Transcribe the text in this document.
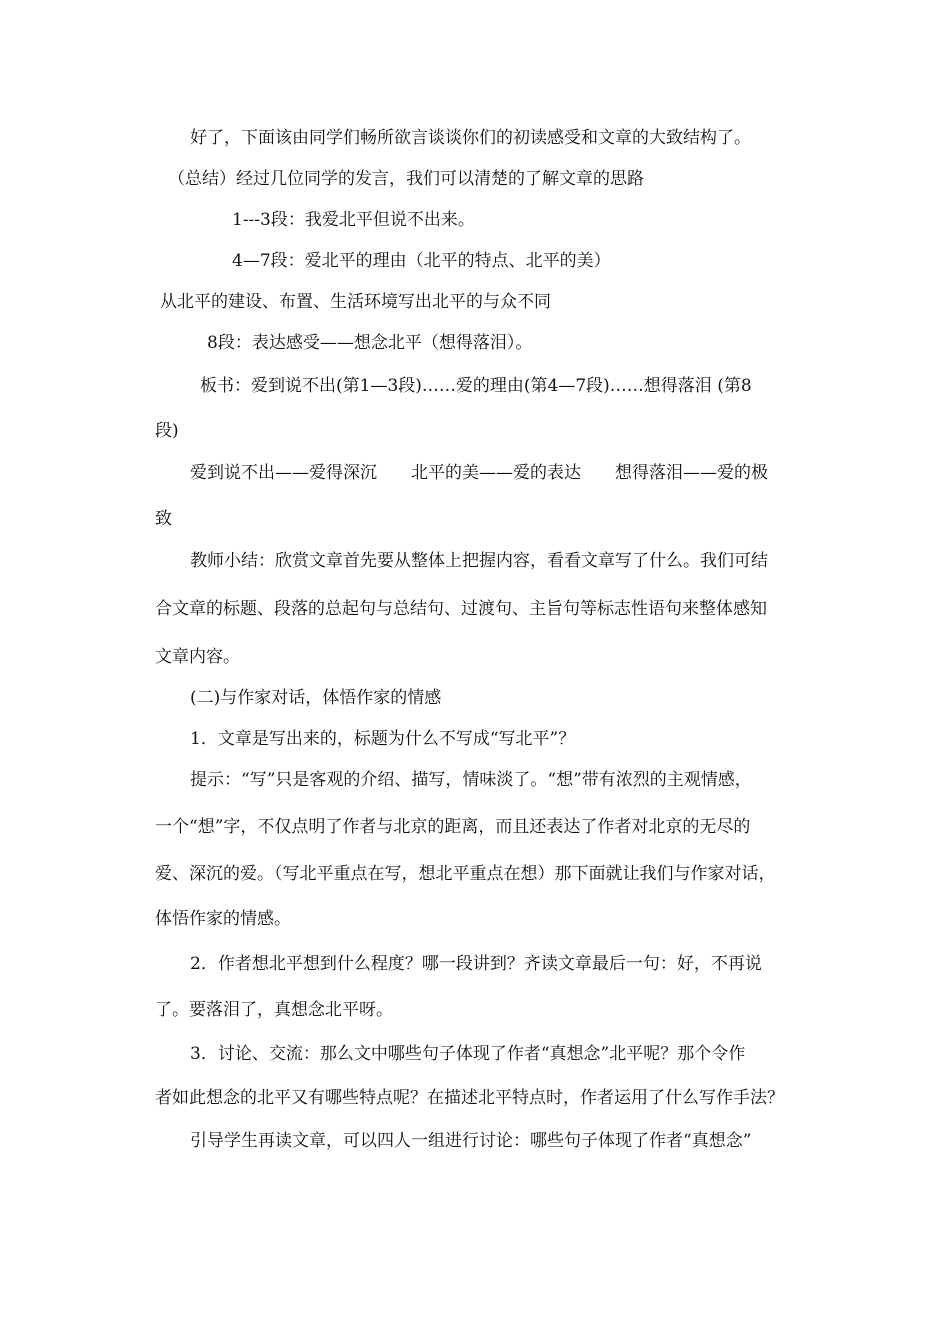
好了，下面该由同学们畅所欲言谈谈你们的初读感受和文章的大致结构了。
（总结）经过几位同学的发言，我们可以清楚的了解文章的思路
1---3段：我爱北平但说不出来。
4—7段：爱北平的理由（北平的特点、北平的美）
从北平的建设、布置、生活环境写出北平的与众不同
8段：表达感受——想念北平（想得落泪）。
板书：爱到说不出(第1—3段)……爱的理由(第4—7段)……想得落泪 (第8
段)
爱到说不出——爱得深沉　　北平的美——爱的表达　　想得落泪——爱的极
致
教师小结：欣赏文章首先要从整体上把握内容，看看文章写了什么。我们可结
合文章的标题、段落的总起句与总结句、过渡句、主旨句等标志性语句来整体感知
文章内容。
(二)与作家对话，体悟作家的情感
1．文章是写出来的，标题为什么不写成“写北平”？
提示：“写”只是客观的介绍、描写，情味淡了。“想”带有浓烈的主观情感，
一个“想”字，不仅点明了作者与北京的距离，而且还表达了作者对北京的无尽的
爱、深沉的爱。（写北平重点在写，想北平重点在想）那下面就让我们与作家对话，
体悟作家的情感。
2．作者想北平想到什么程度？哪一段讲到？齐读文章最后一句：好，不再说
了。要落泪了，真想念北平呀。
3．讨论、交流：那么文中哪些句子体现了作者“真想念”北平呢？那个令作
者如此想念的北平又有哪些特点呢？在描述北平特点时，作者运用了什么写作手法？
引导学生再读文章，可以四人一组进行讨论：哪些句子体现了作者“真想念”
